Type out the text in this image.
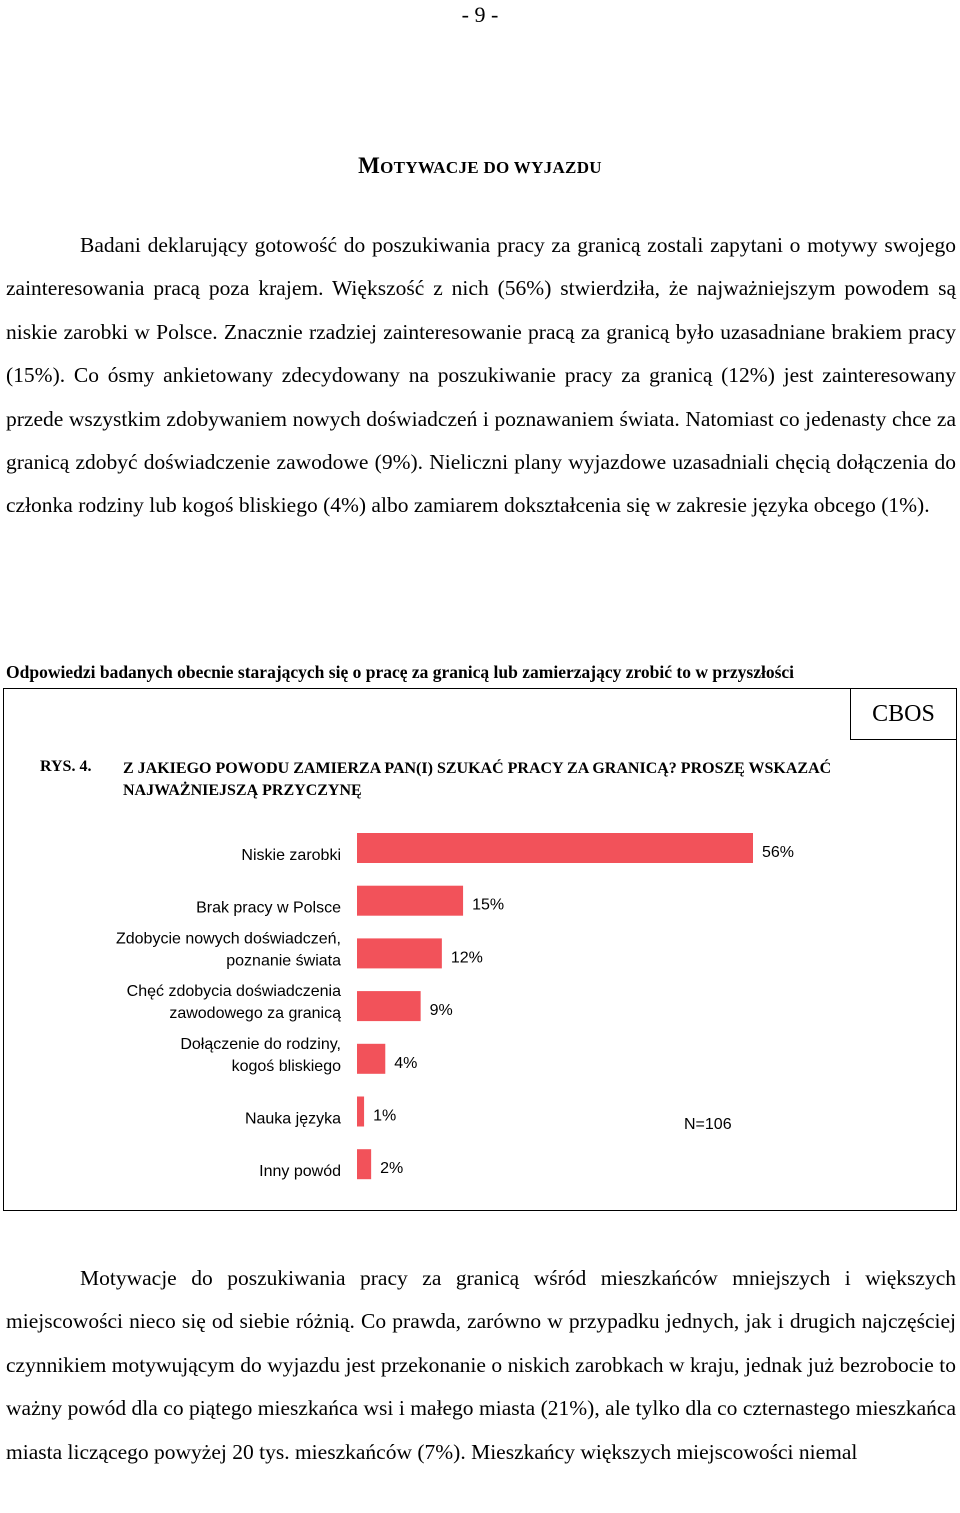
- 9 -
MOTYWACJE DO WYJAZDU

Badani deklarujący gotowość do poszukiwania pracy za granicą zostali zapytani o motywy swojego zainteresowania pracą poza krajem. Większość z nich (56%) stwierdziła, że najważniejszym powodem są niskie zarobki w Polsce. Znacznie rzadziej zainteresowanie pracą za granicą było uzasadniane brakiem pracy (15%). Co ósmy ankietowany zdecydowany na poszukiwanie pracy za granicą (12%) jest zainteresowany przede wszystkim zdobywaniem nowych doświadczeń i poznawaniem świata. Natomiast co jedenasty chce za granicą zdobyć doświadczenie zawodowe (9%). Nieliczni plany wyjazdowe uzasadniali chęcią dołączenia do członka rodziny lub kogoś bliskiego (4%) albo zamiarem dokształcenia się w zakresie języka obcego (1%).

Odpowiedzi badanych obecnie starających się o pracę za granicą lub zamierzający zrobić to w przyszłości
CBOS
RYS. 4. Z JAKIEGO POWODU ZAMIERZA PAN(I) SZUKAĆ PRACY ZA GRANICĄ? PROSZĘ WSKAZAĆ NAJWAŻNIEJSZĄ PRZYCZYNĘ
Niskie zarobki	56%
Brak pracy w Polsce	15%
Zdobycie nowych doświadczeń, poznanie świata	12%
Chęć zdobycia doświadczenia zawodowego za granicą	9%
Dołączenie do rodziny, kogoś bliskiego	4%
Nauka języka 1%
Inny powód 2%
N=106

Motywacje do poszukiwania pracy za granicą wśród mieszkańców mniejszych i większych miejscowości nieco się od siebie różnią. Co prawda, zarówno w przypadku jednych, jak i drugich najczęściej czynnikiem motywującym do wyjazdu jest przekonanie o niskich zarobkach w kraju, jednak już bezrobocie to ważny powód dla co piątego mieszkańca wsi i małego miasta (21%), ale tylko dla co czternastego mieszkańca miasta liczącego powyżej 20 tys. mieszkańców (7%). Mieszkańcy większych miejscowości niemal
